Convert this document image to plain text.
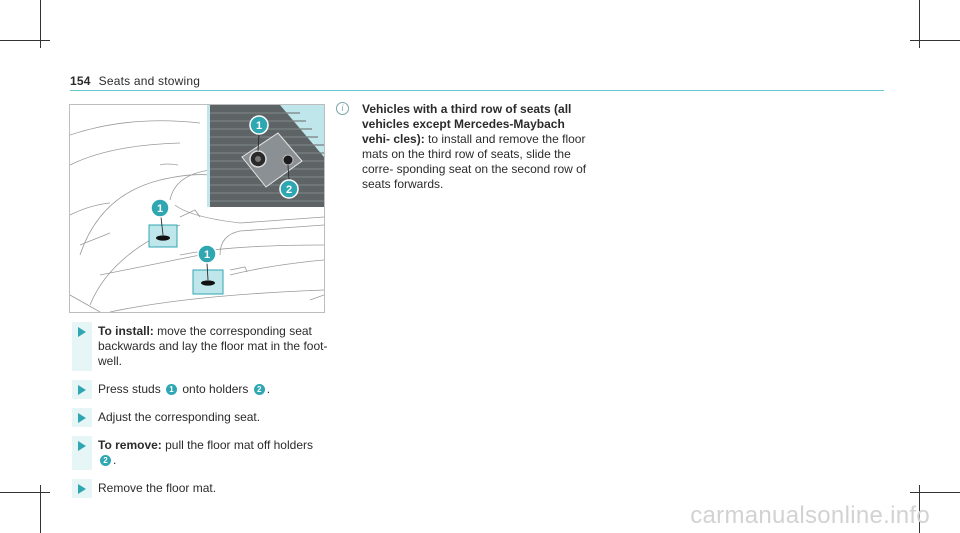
154 Seats and stowing
1
2
1
1
To install: move the corresponding seat backwards and lay the floor mat in the foot- well.
Press studs 1 onto holders 2 .
Adjust the corresponding seat.
To remove: pull the floor mat off holders 2 .
Remove the floor mat.
i	Vehicles with a third row of seats (all vehicles except Mercedes-Maybach vehi- cles): to install and remove the floor mats on the third row of seats, slide the corre- sponding seat on the second row of seats forwards.
carmanualsonline.info
